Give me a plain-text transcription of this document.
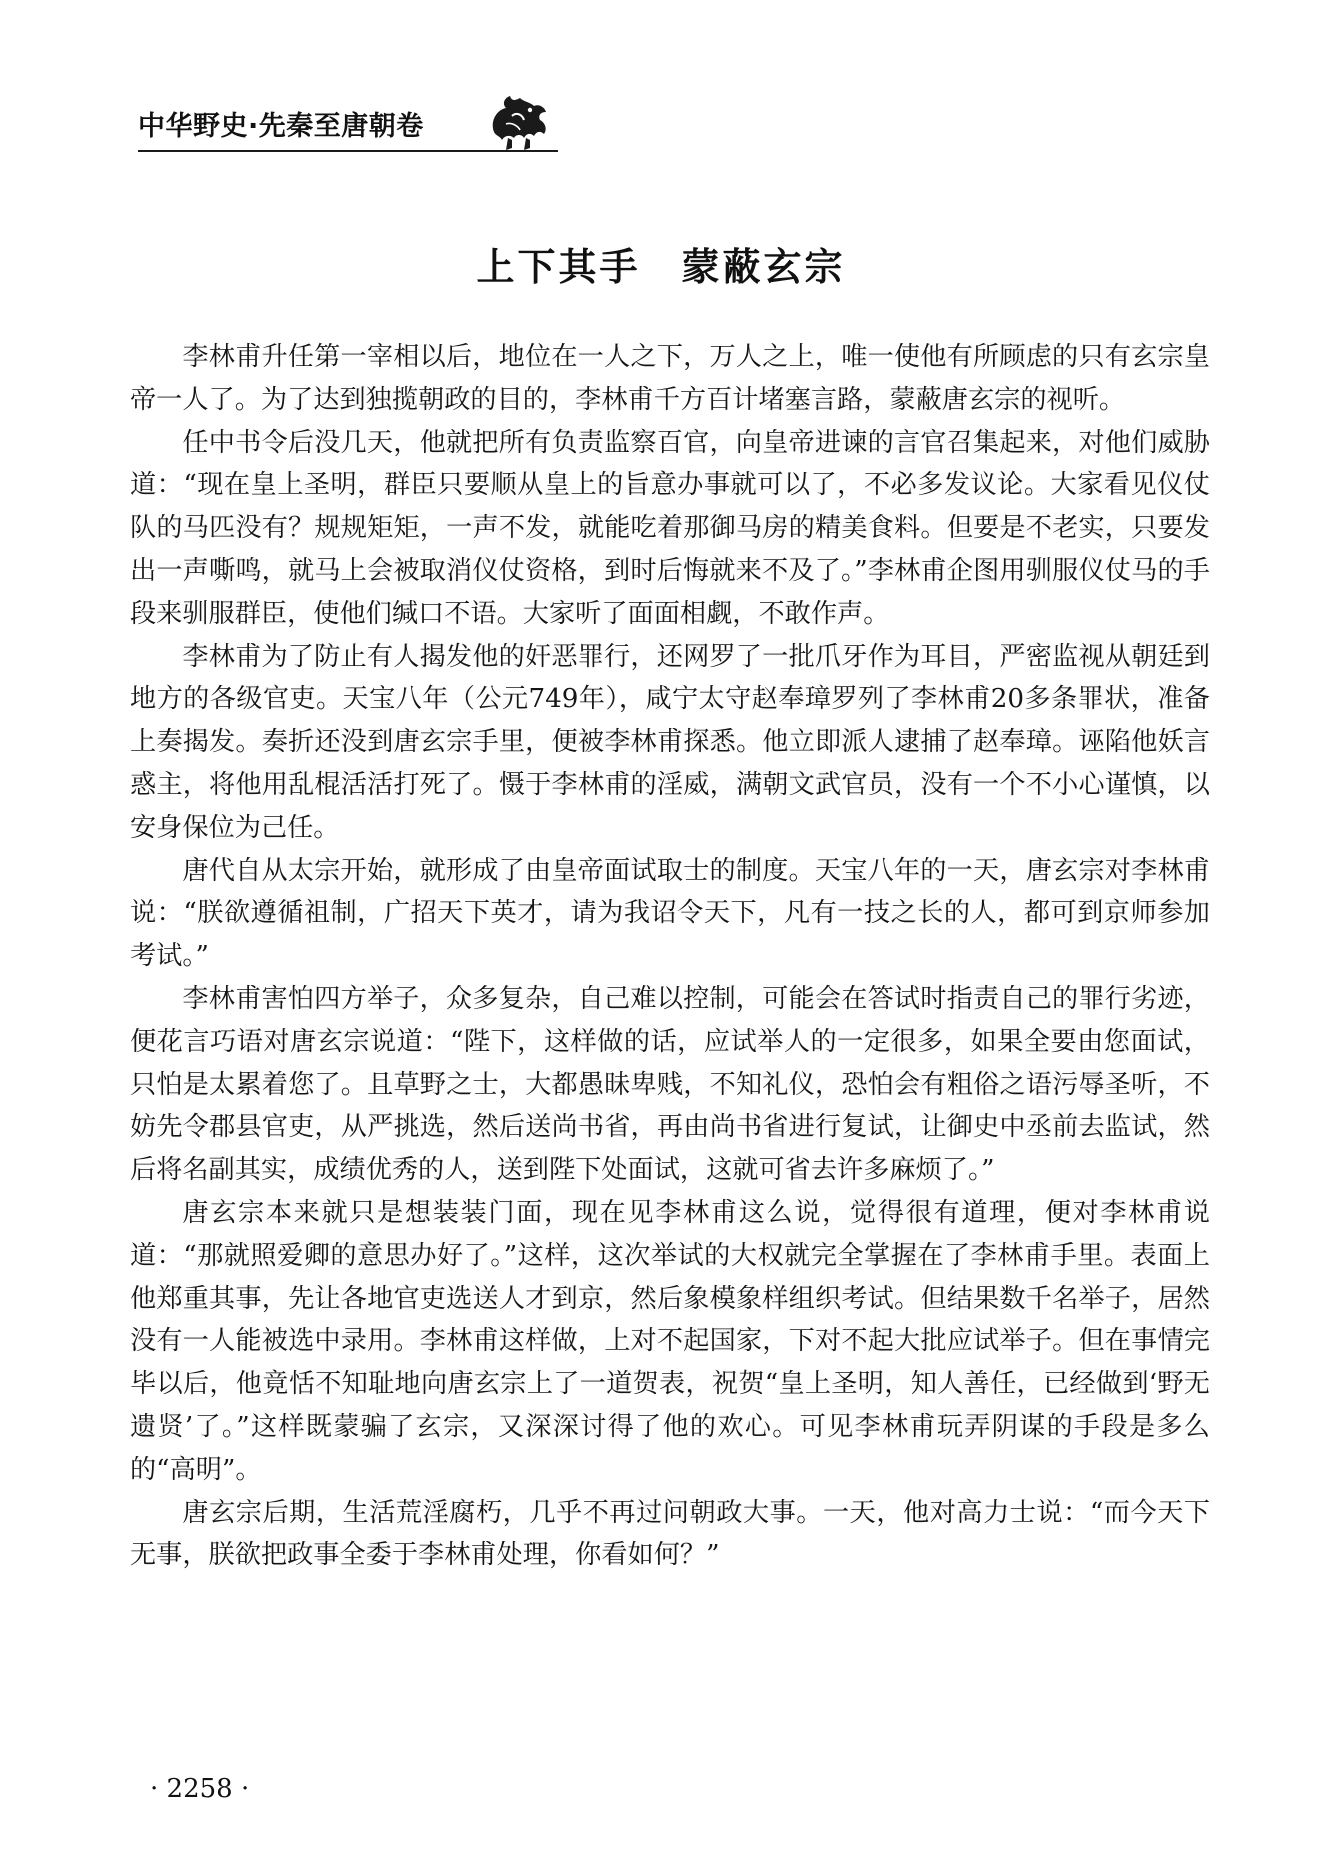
中华野史·先秦至唐朝卷
上下其手　蒙蔽玄宗

李林甫升任第一宰相以后，地位在一人之下，万人之上，唯一使他有所顾虑的只有玄宗皇帝一人了。为了达到独揽朝政的目的，李林甫千方百计堵塞言路，蒙蔽唐玄宗的视听。

任中书令后没几天，他就把所有负责监察百官，向皇帝进谏的言官召集起来，对他们威胁道：“现在皇上圣明，群臣只要顺从皇上的旨意办事就可以了，不必多发议论。大家看见仪仗队的马匹没有？规规矩矩，一声不发，就能吃着那御马房的精美食料。但要是不老实，只要发出一声嘶鸣，就马上会被取消仪仗资格，到时后悔就来不及了。”李林甫企图用驯服仪仗马的手段来驯服群臣，使他们缄口不语。大家听了面面相觑，不敢作声。

李林甫为了防止有人揭发他的奸恶罪行，还网罗了一批爪牙作为耳目，严密监视从朝廷到地方的各级官吏。天宝八年（公元749年），咸宁太守赵奉璋罗列了李林甫20多条罪状，准备上奏揭发。奏折还没到唐玄宗手里，便被李林甫探悉。他立即派人逮捕了赵奉璋。诬陷他妖言惑主，将他用乱棍活活打死了。慑于李林甫的淫威，满朝文武官员，没有一个不小心谨慎，以安身保位为己任。

唐代自从太宗开始，就形成了由皇帝面试取士的制度。天宝八年的一天，唐玄宗对李林甫说：“朕欲遵循祖制，广招天下英才，请为我诏令天下，凡有一技之长的人，都可到京师参加考试。”

李林甫害怕四方举子，众多复杂，自己难以控制，可能会在答试时指责自己的罪行劣迹，便花言巧语对唐玄宗说道：“陛下，这样做的话，应试举人的一定很多，如果全要由您面试，只怕是太累着您了。且草野之士，大都愚昧卑贱，不知礼仪，恐怕会有粗俗之语污辱圣听，不妨先令郡县官吏，从严挑选，然后送尚书省，再由尚书省进行复试，让御史中丞前去监试，然后将名副其实，成绩优秀的人，送到陛下处面试，这就可省去许多麻烦了。”

唐玄宗本来就只是想装装门面，现在见李林甫这么说，觉得很有道理，便对李林甫说道：“那就照爱卿的意思办好了。”这样，这次举试的大权就完全掌握在了李林甫手里。表面上他郑重其事，先让各地官吏选送人才到京，然后象模象样组织考试。但结果数千名举子，居然没有一人能被选中录用。李林甫这样做，上对不起国家，下对不起大批应试举子。但在事情完毕以后，他竟恬不知耻地向唐玄宗上了一道贺表，祝贺“皇上圣明，知人善任，已经做到‘野无遗贤’了。”这样既蒙骗了玄宗，又深深讨得了他的欢心。可见李林甫玩弄阴谋的手段是多么的“高明”。

唐玄宗后期，生活荒淫腐朽，几乎不再过问朝政大事。一天，他对高力士说：“而今天下无事，朕欲把政事全委于李林甫处理，你看如何？”

· 2258 ·
